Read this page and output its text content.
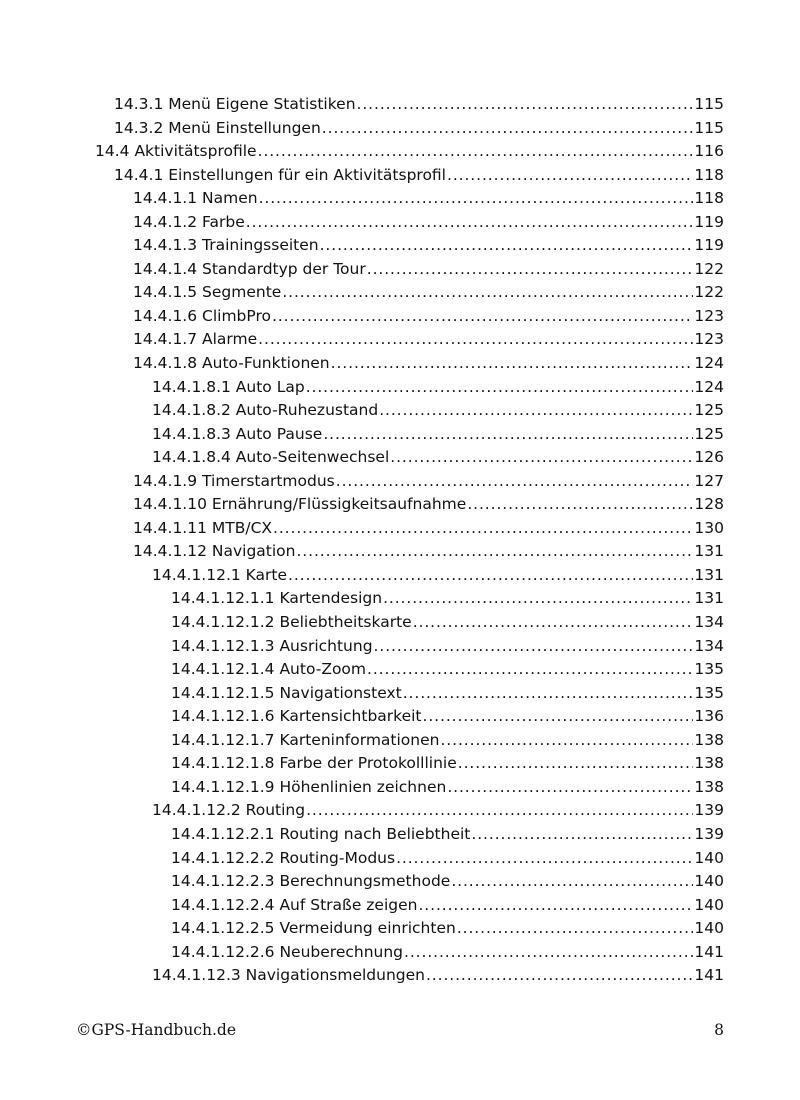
14.3.1 Menü Eigene Statistiken .....	115
14.3.2 Menü Einstellungen .....	115
14.4 Aktivitätsprofile .....	116
14.4.1 Einstellungen für ein Aktivitätsprofil .....	118
14.4.1.1 Namen .....	118
14.4.1.2 Farbe .....	119
14.4.1.3 Trainingsseiten .....	119
14.4.1.4 Standardtyp der Tour .....	122
14.4.1.5 Segmente .....	122
14.4.1.6 ClimbPro .....	123
14.4.1.7 Alarme .....	123
14.4.1.8 Auto-Funktionen .....	124
14.4.1.8.1 Auto Lap .....	124
14.4.1.8.2 Auto-Ruhezustand .....	125
14.4.1.8.3 Auto Pause .....	125
14.4.1.8.4 Auto-Seitenwechsel .....	126
14.4.1.9 Timerstartmodus .....	127
14.4.1.10 Ernährung/Flüssigkeitsaufnahme .....	128
14.4.1.11 MTB/CX .....	130
14.4.1.12 Navigation .....	131
14.4.1.12.1 Karte .....	131
14.4.1.12.1.1 Kartendesign .....	131
14.4.1.12.1.2 Beliebtheitskarte .....	134
14.4.1.12.1.3 Ausrichtung .....	134
14.4.1.12.1.4 Auto-Zoom .....	135
14.4.1.12.1.5 Navigationstext .....	135
14.4.1.12.1.6 Kartensichtbarkeit .....	136
14.4.1.12.1.7 Karteninformationen .....	138
14.4.1.12.1.8 Farbe der Protokolllinie .....	138
14.4.1.12.1.9 Höhenlinien zeichnen .....	138
14.4.1.12.2 Routing .....	139
14.4.1.12.2.1 Routing nach Beliebtheit .....	139
14.4.1.12.2.2 Routing-Modus .....	140
14.4.1.12.2.3 Berechnungsmethode .....	140
14.4.1.12.2.4 Auf Straße zeigen .....	140
14.4.1.12.2.5 Vermeidung einrichten .....	140
14.4.1.12.2.6 Neuberechnung .....	141
14.4.1.12.3 Navigationsmeldungen .....	141
©GPS-Handbuch.de	8
